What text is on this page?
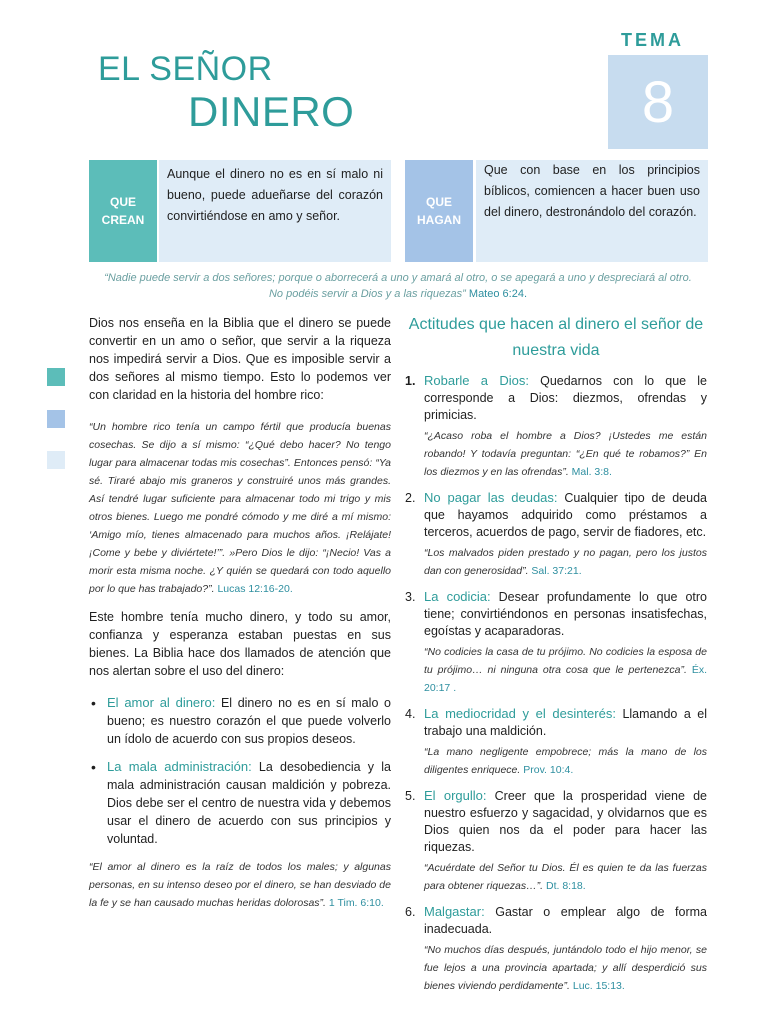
EL SEÑOR
DINERO
TEMA
8
QUE
CREAN
Aunque el dinero no es en sí malo ni bueno, puede adueñarse del corazón convirtiéndose en amo y señor.
QUE
HAGAN
Que con base en los principios bíblicos, comiencen a hacer buen uso del dinero, destronándolo del corazón.
“Nadie puede servir a dos señores; porque o aborrecerá a uno y amará al otro, o se apegará a uno y despreciará al otro.
No podéis servir a Dios y a las riquezas” Mateo 6:24.

Dios nos enseña en la Biblia que el dinero se puede convertir en un amo o señor, que servir a la riqueza nos impedirá servir a Dios. Que es imposible servir a dos señores al mismo tiempo. Esto lo podemos ver con claridad en la historia del hombre rico:

“Un hombre rico tenía un campo fértil que producía buenas cosechas. Se dijo a sí mismo: “¿Qué debo hacer? No tengo lugar para almacenar todas mis cosechas”. Entonces pensó: “Ya sé. Tiraré abajo mis graneros y construiré unos más grandes. Así tendré lugar suficiente para almacenar todo mi trigo y mis otros bienes. Luego me pondré cómodo y me diré a mí mismo: ‘Amigo mío, tienes almacenado para muchos años. ¡Relájate! ¡Come y bebe y diviértete!’”. »Pero Dios le dijo: “¡Necio! Vas a morir esta misma noche. ¿Y quién se quedará con todo aquello por lo que has trabajado?”. Lucas 12:16-20.

Este hombre tenía mucho dinero, y todo su amor, confianza y esperanza estaban puestas en sus bienes. La Biblia hace dos llamados de atención que nos alertan sobre el uso del dinero:

• El amor al dinero: El dinero no es en sí malo o bueno; es nuestro corazón el que puede volverlo un ídolo de acuerdo con sus propios deseos.
• La mala administración: La desobediencia y la mala administración causan maldición y pobreza. Dios debe ser el centro de nuestra vida y debemos usar el dinero de acuerdo con sus principios y voluntad.

“El amor al dinero es la raíz de todos los males; y algunas personas, en su intenso deseo por el dinero, se han desviado de la fe y se han causado muchas heridas dolorosas”. 1 Tim. 6:10.

Actitudes que hacen al dinero el señor de nuestra vida
1. Robarle a Dios: Quedarnos con lo que le corresponde a Dios: diezmos, ofrendas y primicias.

“¿Acaso roba el hombre a Dios? ¡Ustedes me están robando! Y todavía preguntan: “¿En qué te robamos?” En los diezmos y en las ofrendas”. Mal. 3:8.

2. No pagar las deudas: Cualquier tipo de deuda que hayamos adquirido como préstamos a terceros, acuerdos de pago, servir de fiadores, etc.

“Los malvados piden prestado y no pagan, pero los justos dan con generosidad”. Sal. 37:21.

3. La codicia: Desear profundamente lo que otro tiene; convirtiéndonos en personas insatisfechas, egoístas y acaparadoras.

“No codicies la casa de tu prójimo. No codicies la esposa de tu prójimo… ni ninguna otra cosa que le pertenezca”. Éx. 20:17 .

4. La mediocridad y el desinterés: Llamando a el trabajo una maldición.

“La mano negligente empobrece; más la mano de los diligentes enriquece. Prov. 10:4.

5. El orgullo: Creer que la prosperidad viene de nuestro esfuerzo y sagacidad, y olvidarnos que es Dios quien nos da el poder para hacer las riquezas.

“Acuérdate del Señor tu Dios. Él es quien te da las fuerzas para obtener riquezas…”. Dt. 8:18.

6. Malgastar: Gastar o emplear algo de forma inadecuada.

“No muchos días después, juntándolo todo el hijo menor, se fue lejos a una provincia apartada; y allí desperdició sus bienes viviendo perdidamente”. Luc. 15:13.
